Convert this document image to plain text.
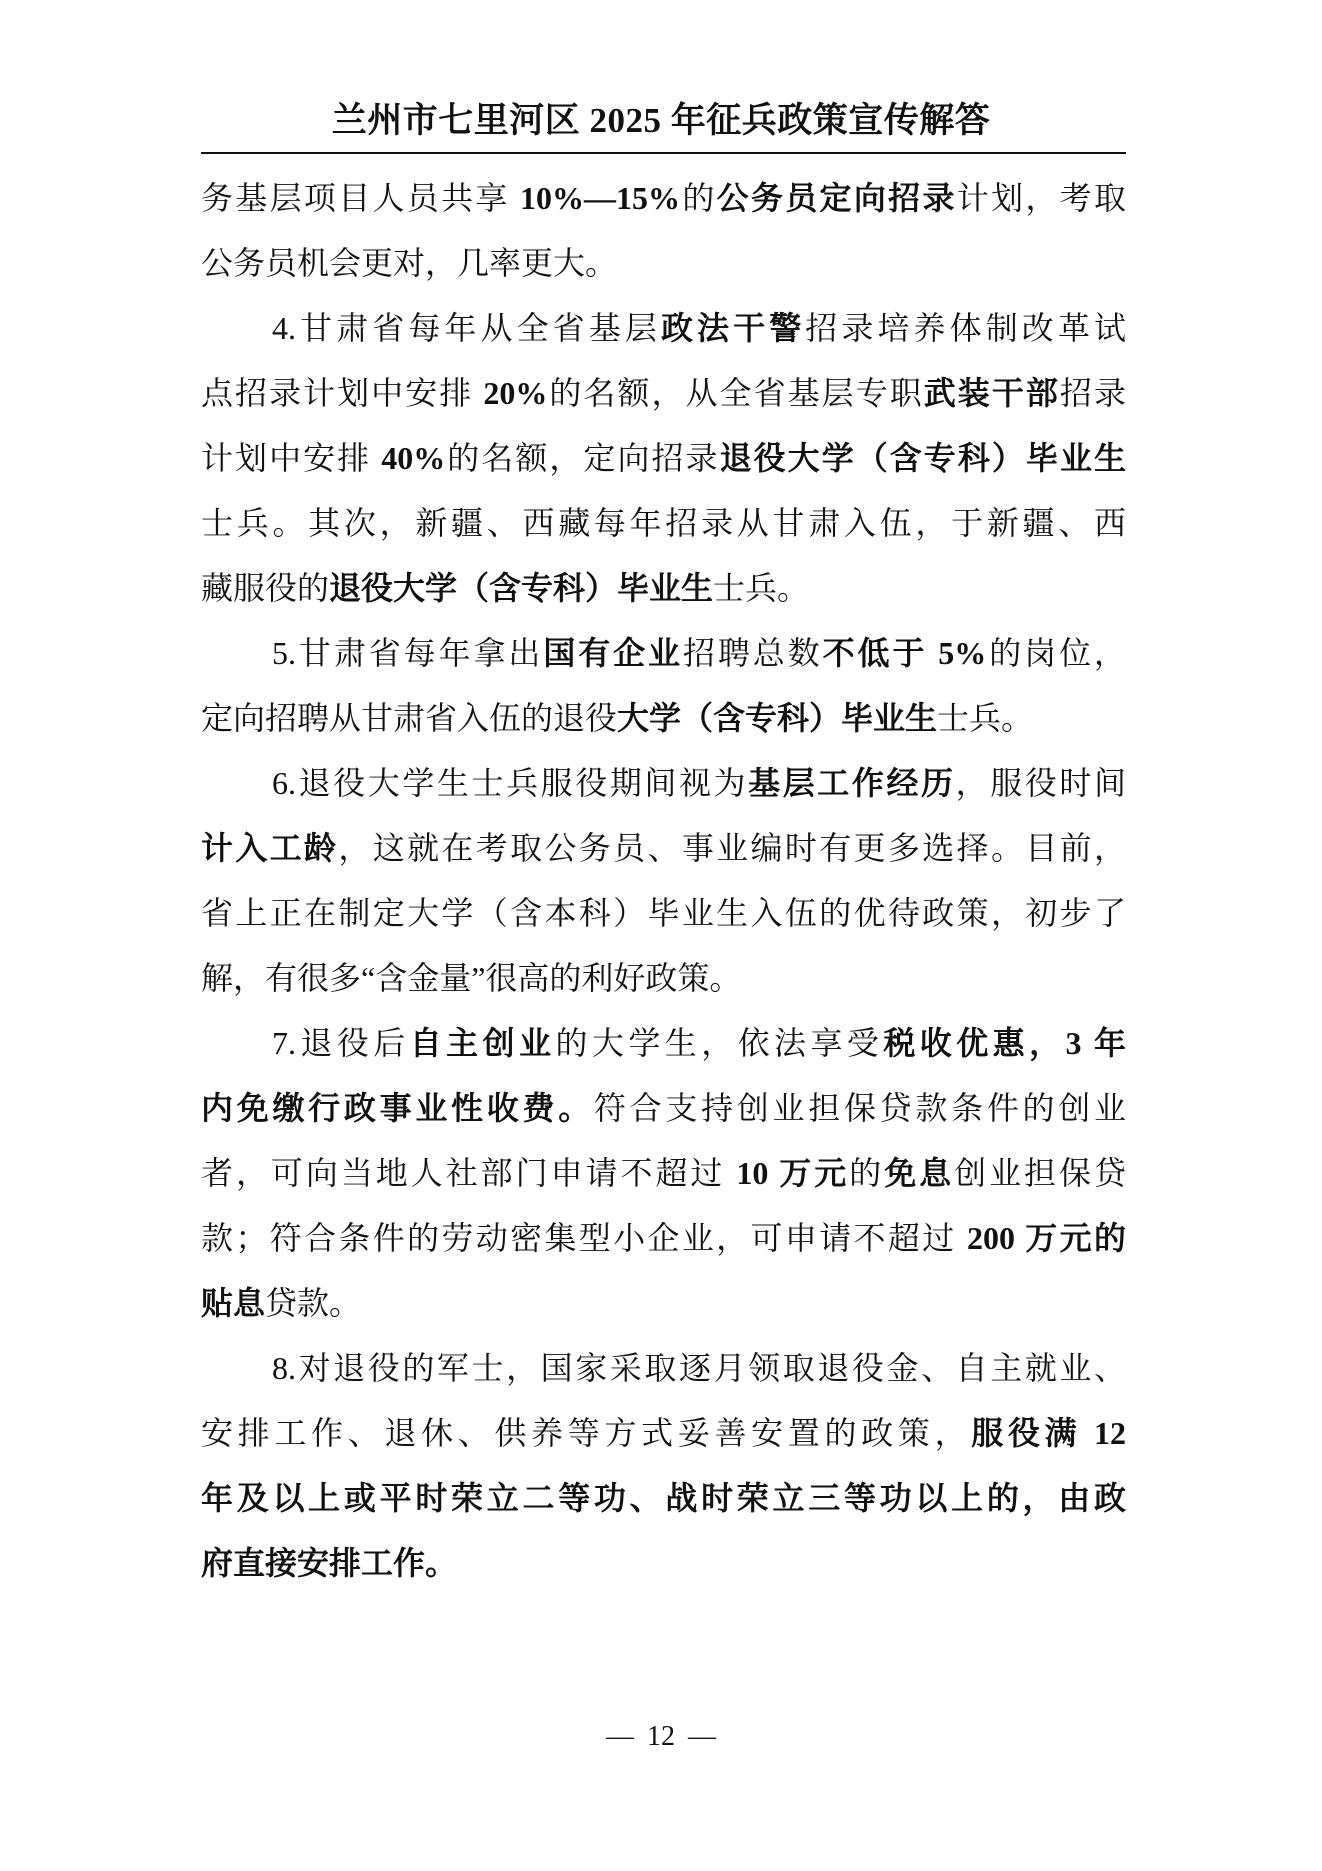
兰州市七里河区 2025 年征兵政策宣传解答
务基层项目人员共享 10%—15%的公务员定向招录计划，考取
公务员机会更对，几率更大。
4.甘肃省每年从全省基层政法干警招录培养体制改革试
点招录计划中安排 20%的名额，从全省基层专职武装干部招录
计划中安排 40%的名额，定向招录退役大学（含专科）毕业生
士兵。其次，新疆、西藏每年招录从甘肃入伍，于新疆、西
藏服役的退役大学（含专科）毕业生士兵。
5.甘肃省每年拿出国有企业招聘总数不低于 5%的岗位，
定向招聘从甘肃省入伍的退役大学（含专科）毕业生士兵。
6.退役大学生士兵服役期间视为基层工作经历，服役时间
计入工龄，这就在考取公务员、事业编时有更多选择。目前，
省上正在制定大学（含本科）毕业生入伍的优待政策，初步了
解，有很多“含金量”很高的利好政策。
7.退役后自主创业的大学生，依法享受税收优惠，3 年
内免缴行政事业性收费。符合支持创业担保贷款条件的创业
者，可向当地人社部门申请不超过 10 万元的免息创业担保贷
款；符合条件的劳动密集型小企业，可申请不超过 200 万元的
贴息贷款。
8.对退役的军士，国家采取逐月领取退役金、自主就业、
安排工作、退休、供养等方式妥善安置的政策，服役满 12
年及以上或平时荣立二等功、战时荣立三等功以上的，由政
府直接安排工作。
— 12 —
